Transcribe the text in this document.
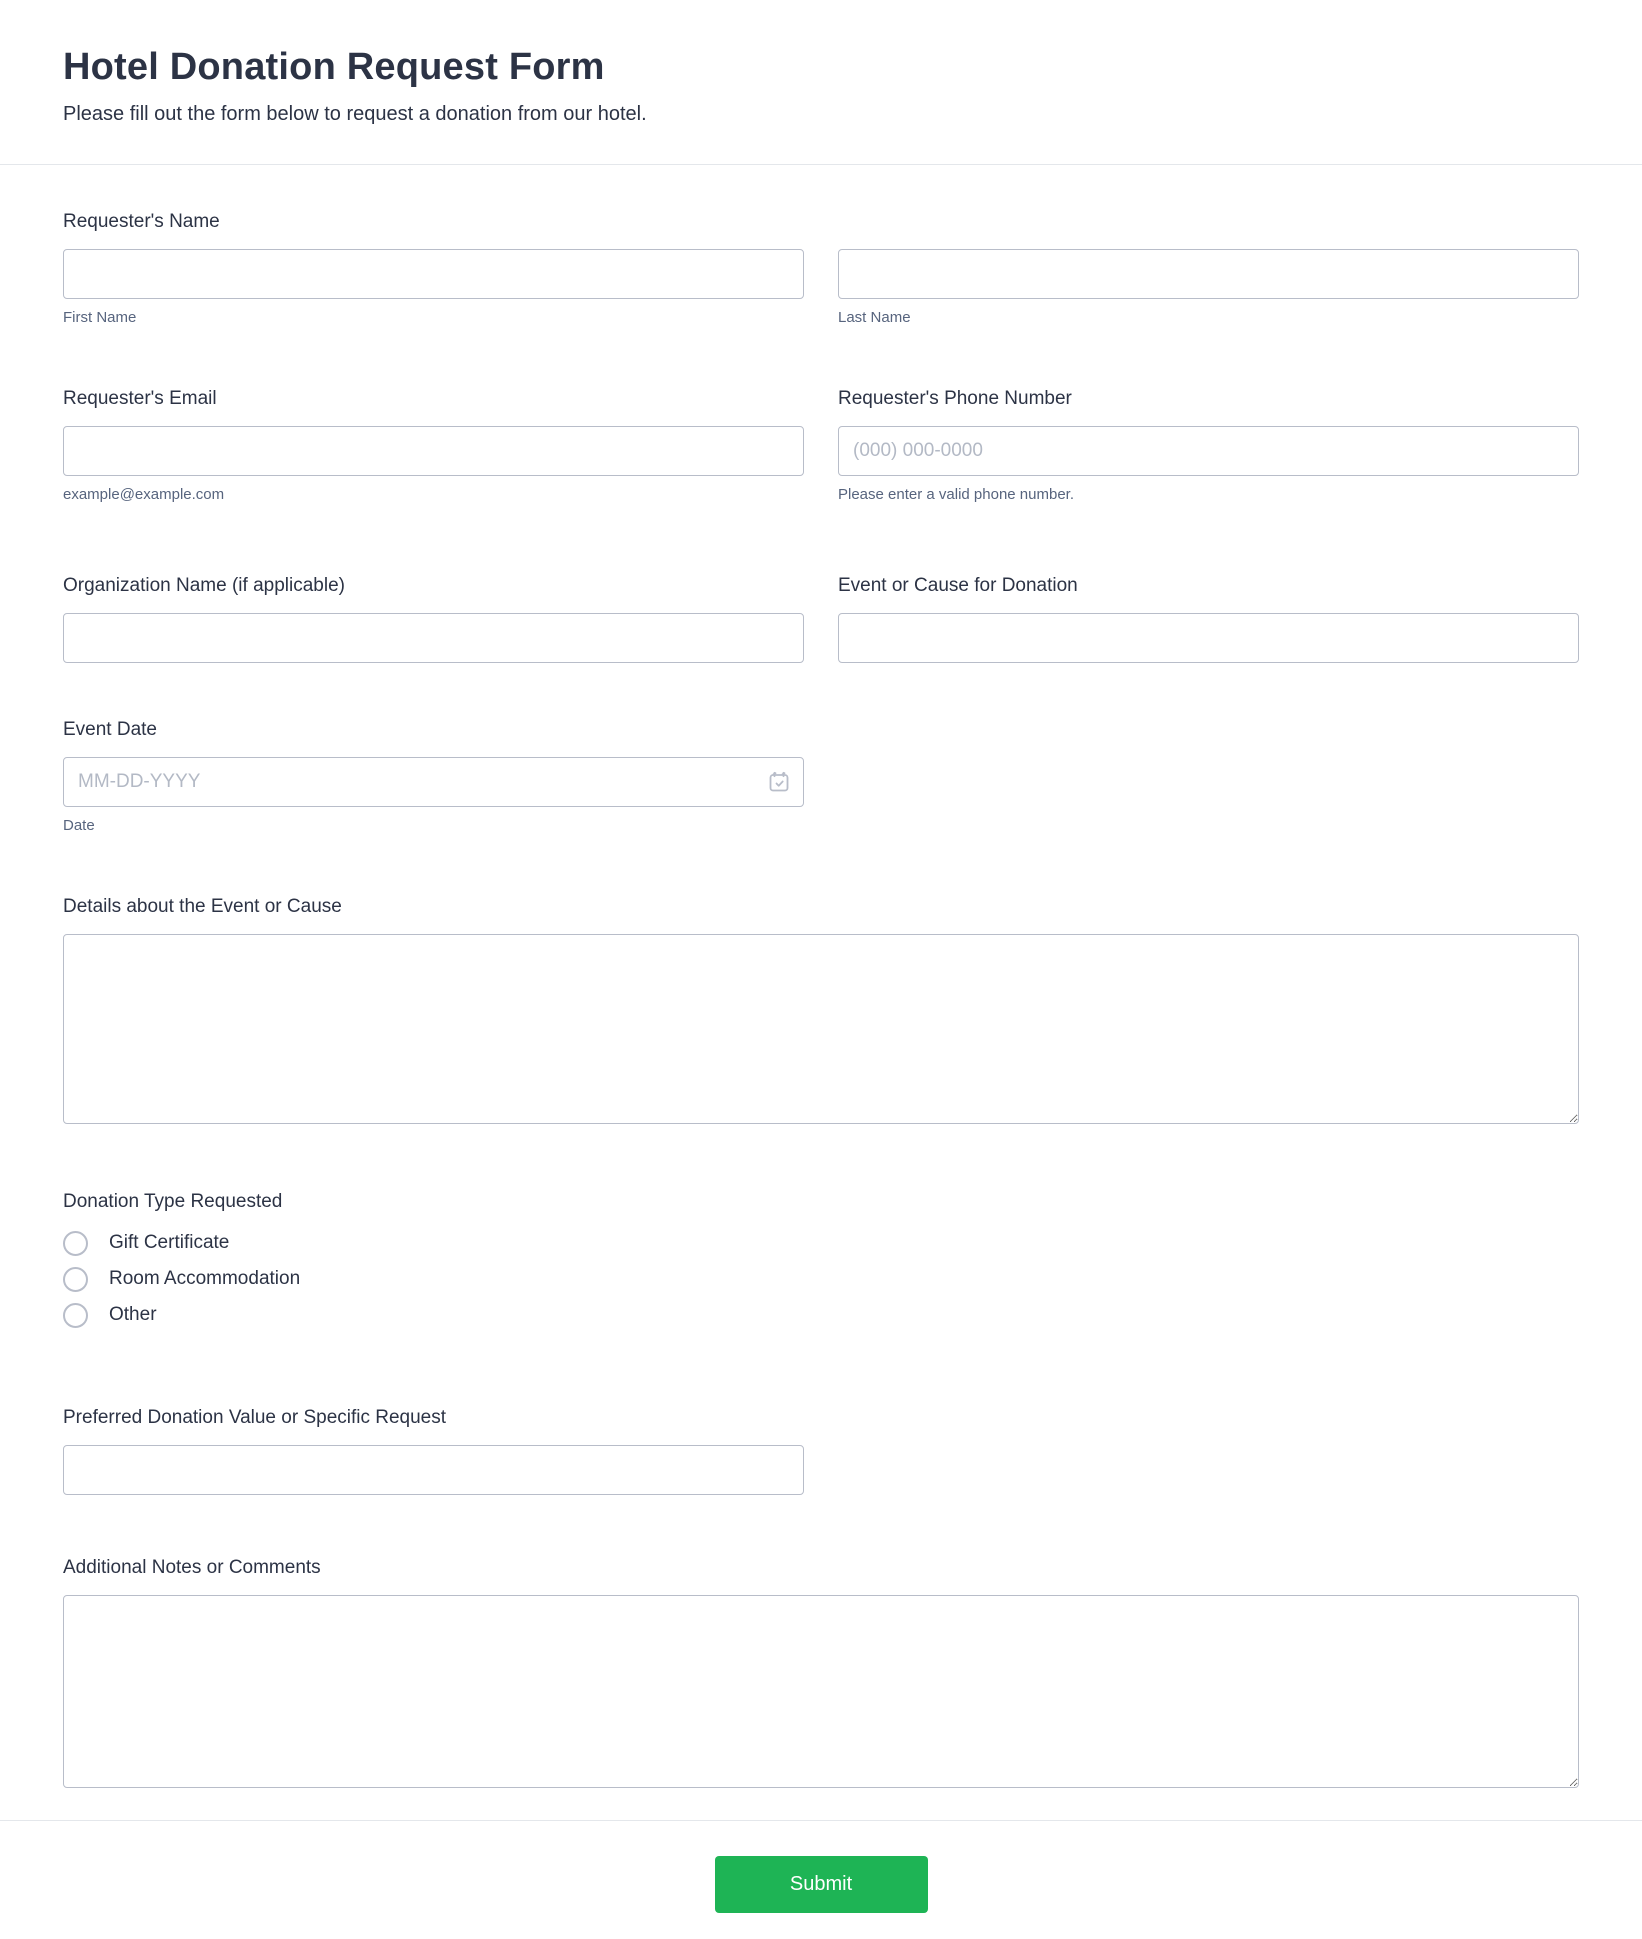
Hotel Donation Request Form
Please fill out the form below to request a donation from our hotel.
Requester's Name
First Name	Last Name
Requester's Email
example@example.com
Requester's Phone Number
(000) 000-0000
Please enter a valid phone number.
Organization Name (if applicable)	Event or Cause for Donation
Event Date
MM-DD-YYYY
Date
Details about the Event or Cause
Donation Type Requested
Gift Certificate
Room Accommodation
Other
Preferred Donation Value or Specific Request
Additional Notes or Comments
Submit
